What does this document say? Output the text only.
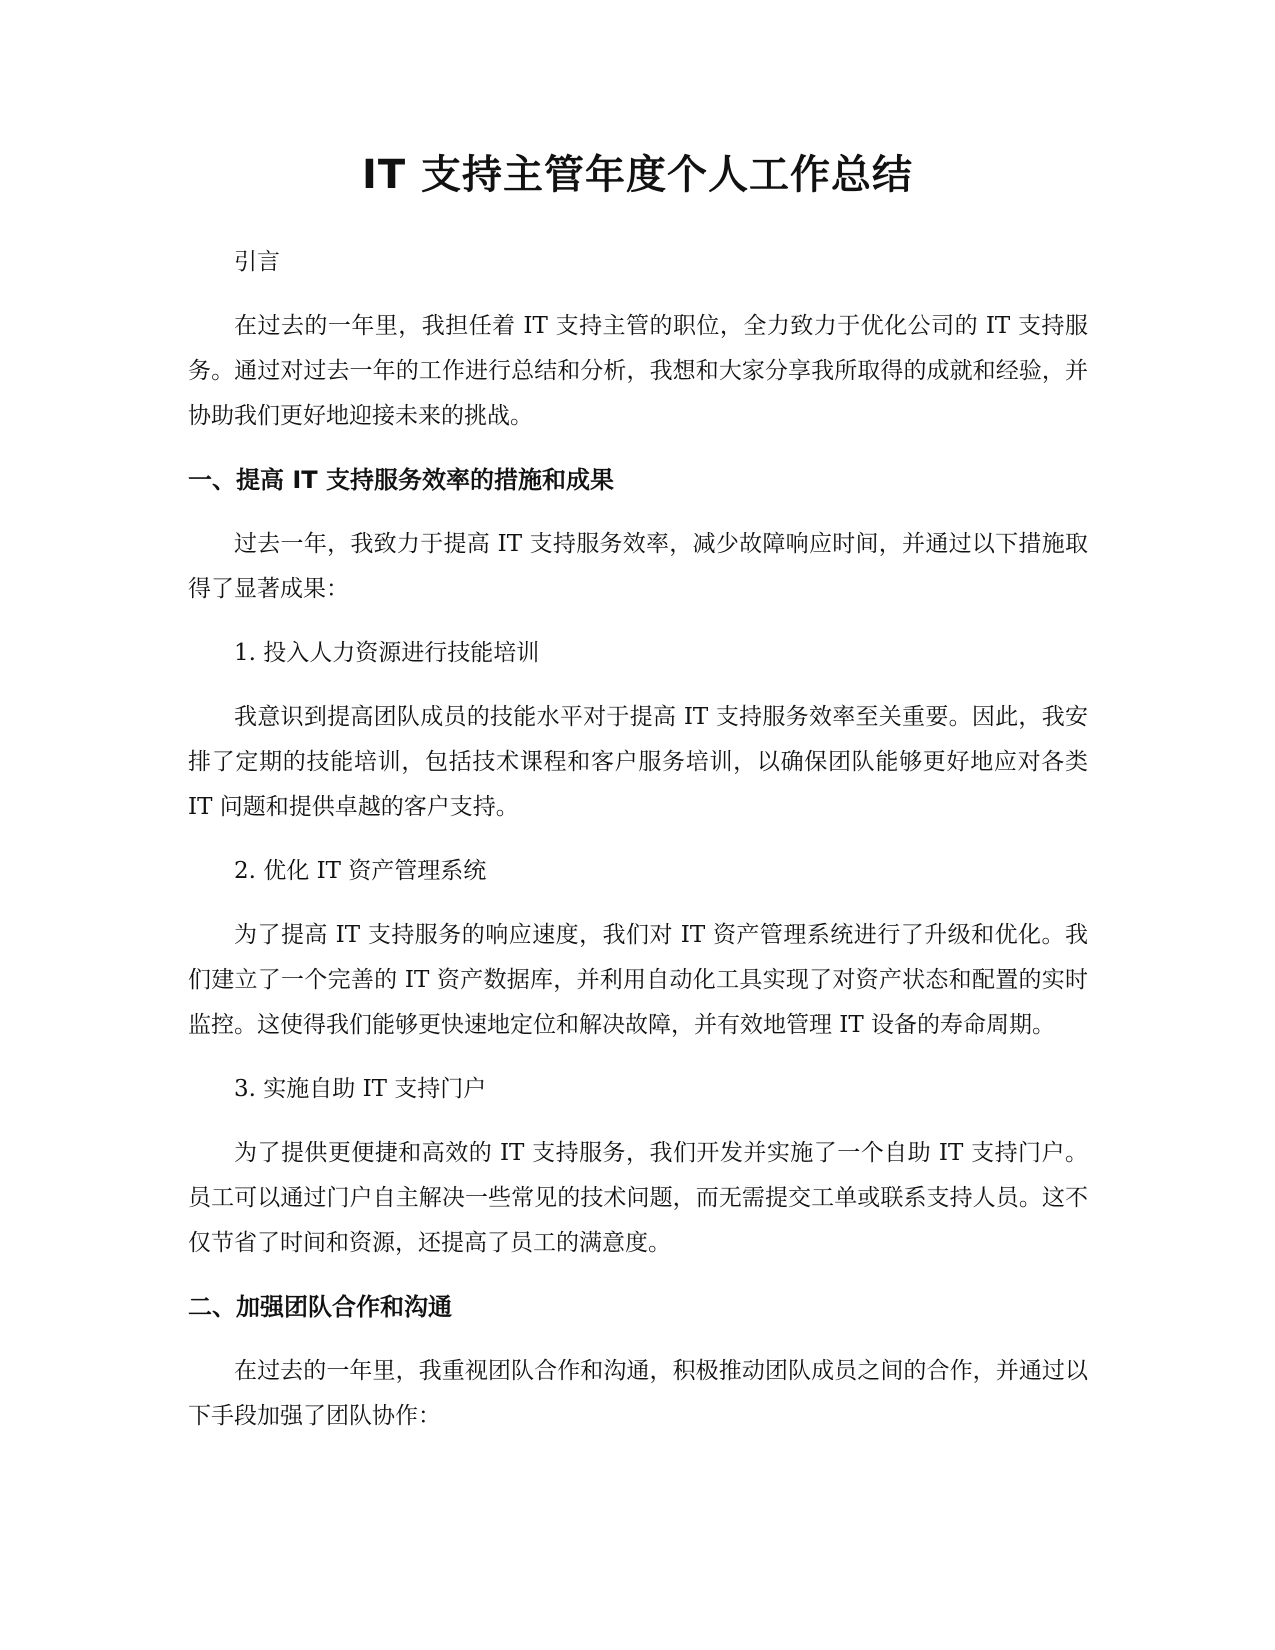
IT 支持主管年度个人工作总结

引言

在过去的一年里，我担任着 IT 支持主管的职位，全力致力于优化公司的 IT 支持服务。通过对过去一年的工作进行总结和分析，我想和大家分享我所取得的成就和经验，并协助我们更好地迎接未来的挑战。

一、提高 IT 支持服务效率的措施和成果

过去一年，我致力于提高 IT 支持服务效率，减少故障响应时间，并通过以下措施取得了显著成果：

1. 投入人力资源进行技能培训

我意识到提高团队成员的技能水平对于提高 IT 支持服务效率至关重要。因此，我安排了定期的技能培训，包括技术课程和客户服务培训，以确保团队能够更好地应对各类 IT 问题和提供卓越的客户支持。

2. 优化 IT 资产管理系统

为了提高 IT 支持服务的响应速度，我们对 IT 资产管理系统进行了升级和优化。我们建立了一个完善的 IT 资产数据库，并利用自动化工具实现了对资产状态和配置的实时监控。这使得我们能够更快速地定位和解决故障，并有效地管理 IT 设备的寿命周期。

3. 实施自助 IT 支持门户

为了提供更便捷和高效的 IT 支持服务，我们开发并实施了一个自助 IT 支持门户。员工可以通过门户自主解决一些常见的技术问题，而无需提交工单或联系支持人员。这不仅节省了时间和资源，还提高了员工的满意度。

二、加强团队合作和沟通

在过去的一年里，我重视团队合作和沟通，积极推动团队成员之间的合作，并通过以下手段加强了团队协作：
